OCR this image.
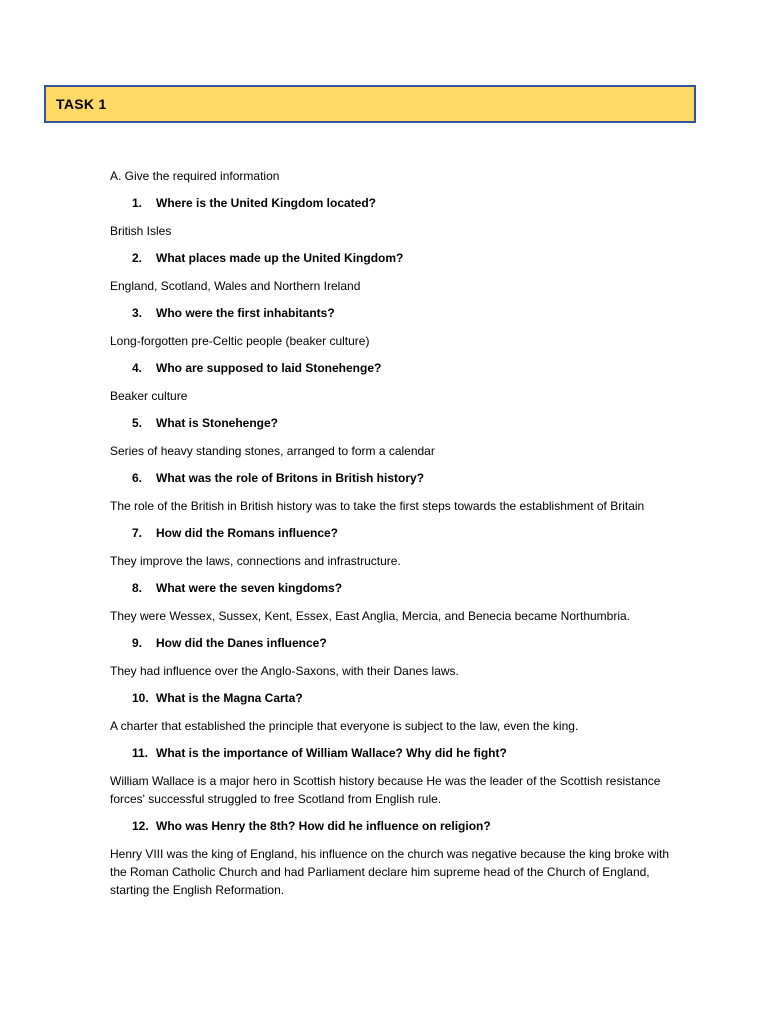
TASK 1

A. Give the required information

1.	Where is the United Kingdom located?

British Isles

2.	What places made up the United Kingdom?

England, Scotland, Wales and Northern Ireland

3.	Who were the first inhabitants?

Long-forgotten pre-Celtic people (beaker culture)

4.	Who are supposed to laid Stonehenge?

Beaker culture

5.	What is Stonehenge?

Series of heavy standing stones, arranged to form a calendar

6.	What was the role of Britons in British history?

The role of the British in British history was to take the first steps towards the establishment of Britain

7.	How did the Romans influence?

They improve the laws, connections and infrastructure.

8.	What were the seven kingdoms?

They were Wessex, Sussex, Kent, Essex, East Anglia, Mercia, and Benecia became Northumbria.

9.	How did the Danes influence?

They had influence over the Anglo-Saxons, with their Danes laws.

10. What is the Magna Carta?

A charter that established the principle that everyone is subject to the law, even the king.

11. What is the importance of William Wallace? Why did he fight?

William Wallace is a major hero in Scottish history because He was the leader of the Scottish resistance forces' successful struggled to free Scotland from English rule.

12. Who was Henry the 8th? How did he influence on religion?

Henry VIII was the king of England, his influence on the church was negative because the king broke with the Roman Catholic Church and had Parliament declare him supreme head of the Church of England, starting the English Reformation.
